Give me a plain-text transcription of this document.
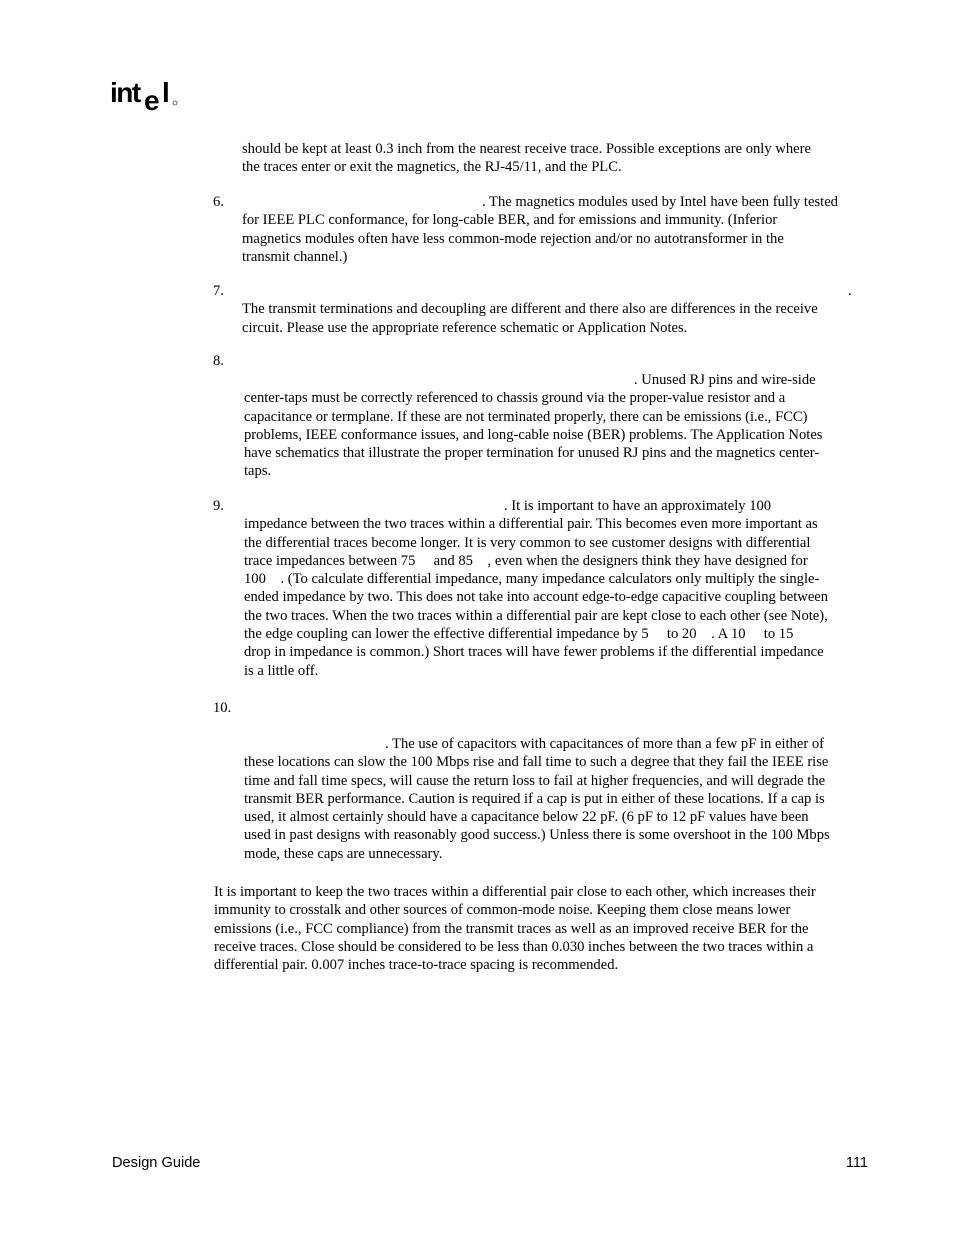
int e l
should be kept at least 0.3 inch from the nearest receive trace. Possible exceptions are only where
the traces enter or exit the magnetics, the RJ-45/11, and the PLC.
6.	. The magnetics modules used by Intel have been fully tested
for IEEE PLC conformance, for long-cable BER, and for emissions and immunity. (Inferior
magnetics modules often have less common-mode rejection and/or no autotransformer in the
transmit channel.)
7.	.
The transmit terminations and decoupling are different and there also are differences in the receive
circuit. Please use the appropriate reference schematic or Application Notes.
8.
. Unused RJ pins and wire-side
center-taps must be correctly referenced to chassis ground via the proper-value resistor and a
capacitance or termplane. If these are not terminated properly, there can be emissions (i.e., FCC)
problems, IEEE conformance issues, and long-cable noise (BER) problems. The Application Notes
have schematics that illustrate the proper termination for unused RJ pins and the magnetics center-
taps.
9.	. It is important to have an approximately 100
impedance between the two traces within a differential pair. This becomes even more important as
the differential traces become longer. It is very common to see customer designs with differential
trace impedances between 75     and 85    , even when the designers think they have designed for
100    . (To calculate differential impedance, many impedance calculators only multiply the single-
ended impedance by two. This does not take into account edge-to-edge capacitive coupling between
the two traces. When the two traces within a differential pair are kept close to each other (see Note),
the edge coupling can lower the effective differential impedance by 5     to 20    . A 10     to 15
drop in impedance is common.) Short traces will have fewer problems if the differential impedance
is a little off.
10.
. The use of capacitors with capacitances of more than a few pF in either of
these locations can slow the 100 Mbps rise and fall time to such a degree that they fail the IEEE rise
time and fall time specs, will cause the return loss to fail at higher frequencies, and will degrade the
transmit BER performance. Caution is required if a cap is put in either of these locations. If a cap is
used, it almost certainly should have a capacitance below 22 pF. (6 pF to 12 pF values have been
used in past designs with reasonably good success.) Unless there is some overshoot in the 100 Mbps
mode, these caps are unnecessary.
It is important to keep the two traces within a differential pair close to each other, which increases their
immunity to crosstalk and other sources of common-mode noise. Keeping them close means lower
emissions (i.e., FCC compliance) from the transmit traces as well as an improved receive BER for the
receive traces. Close should be considered to be less than 0.030 inches between the two traces within a
differential pair. 0.007 inches trace-to-trace spacing is recommended.
Design Guide	111
